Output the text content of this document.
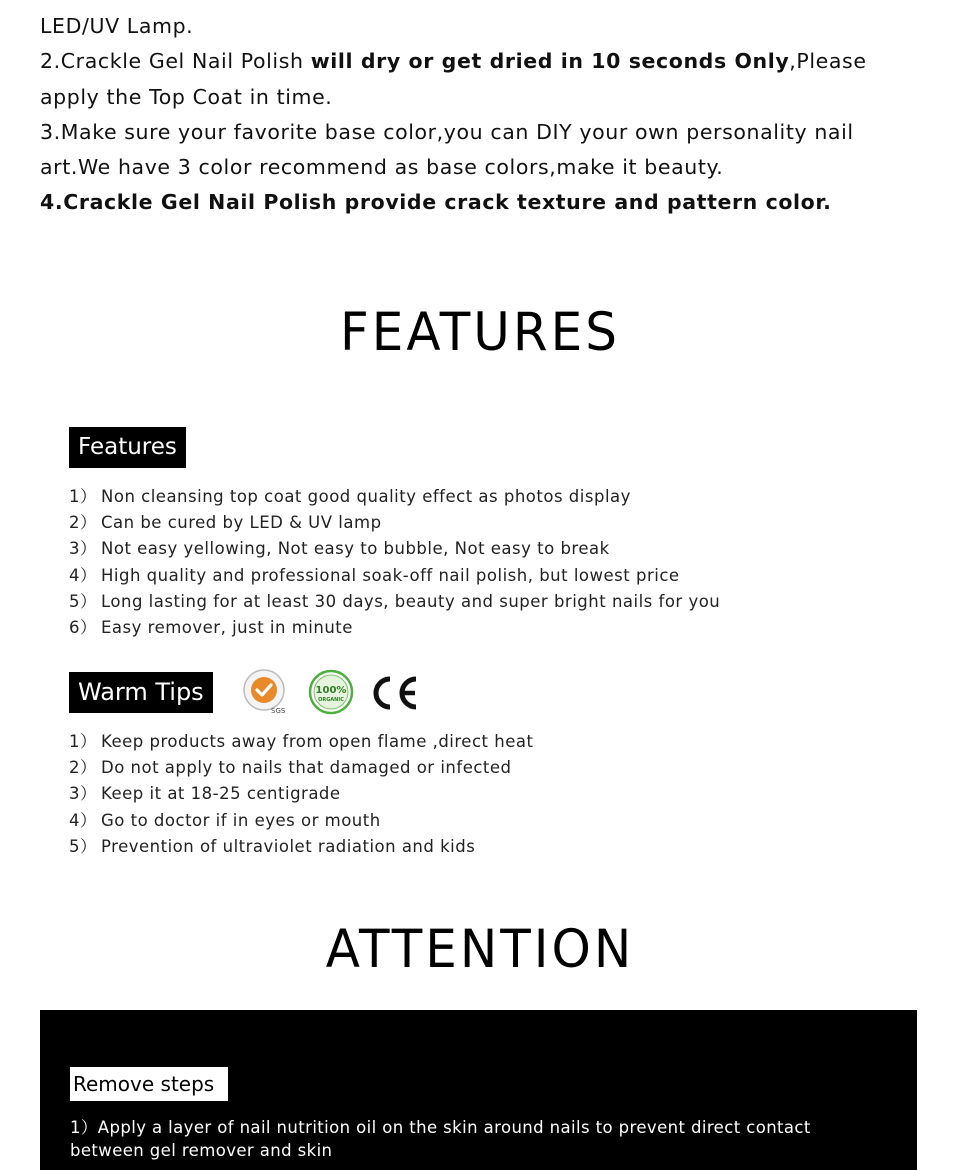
LED/UV Lamp.

2.Crackle Gel Nail Polish will dry or get dried in 10 seconds Only,Please apply the Top Coat in time.

3.Make sure your favorite base color,you can DIY your own personality nail art.We have 3 color recommend as base colors,make it beauty.

4.Crackle Gel Nail Polish provide crack texture and pattern color.

FEATURES
Features
1） Non cleansing top coat good quality effect as photos display
2） Can be cured by LED & UV lamp
3） Not easy yellowing, Not easy to bubble, Not easy to break
4） High quality and professional soak-off nail polish, but lowest price
5） Long lasting for at least 30 days, beauty and super bright nails for you
6） Easy remover, just in minute
Warm Tips
SGS
100%
ORGANIC
1） Keep products away from open flame ,direct heat
2） Do not apply to nails that damaged or infected
3） Keep it at 18-25 centigrade
4） Go to doctor if in eyes or mouth
5） Prevention of ultraviolet radiation and kids
ATTENTION
Remove steps

1）Apply a layer of nail nutrition oil on the skin around nails to prevent direct contact between gel remover and skin
